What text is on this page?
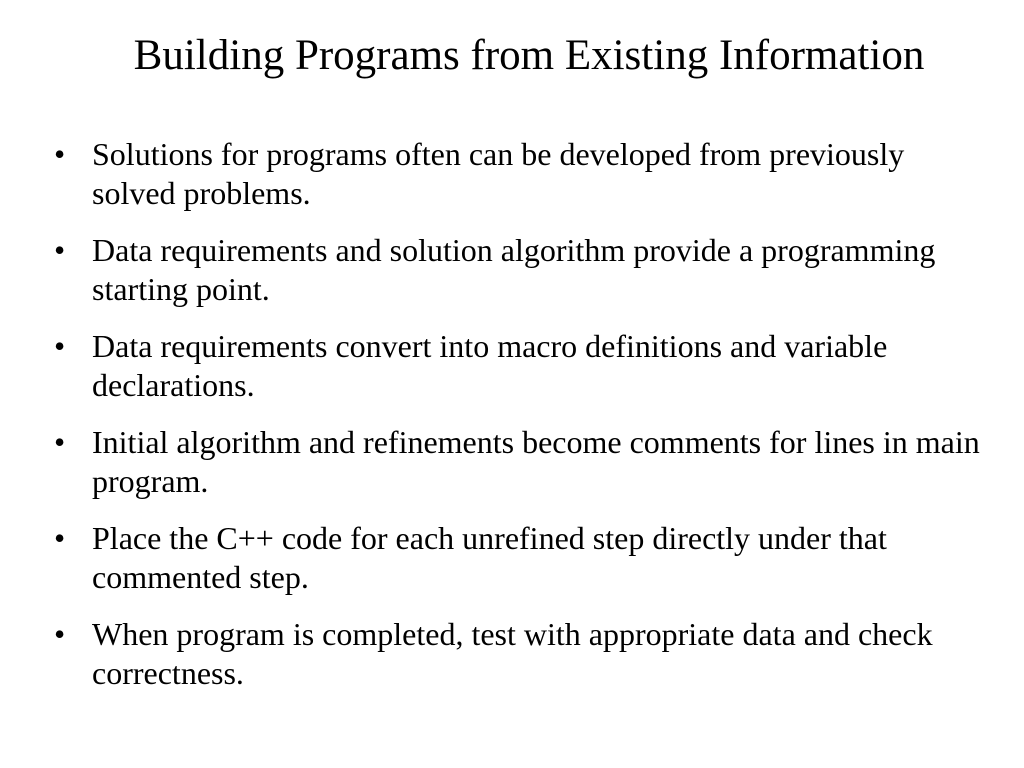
Building Programs from Existing Information
• Solutions for programs often can be developed from previously solved problems.
• Data requirements and solution algorithm provide a programming starting point.
• Data requirements convert into macro definitions and variable declarations.
• Initial algorithm and refinements become comments for lines in main program.
• Place the C++ code for each unrefined step directly under that commented step.
• When program is completed, test with appropriate data and check correctness.
